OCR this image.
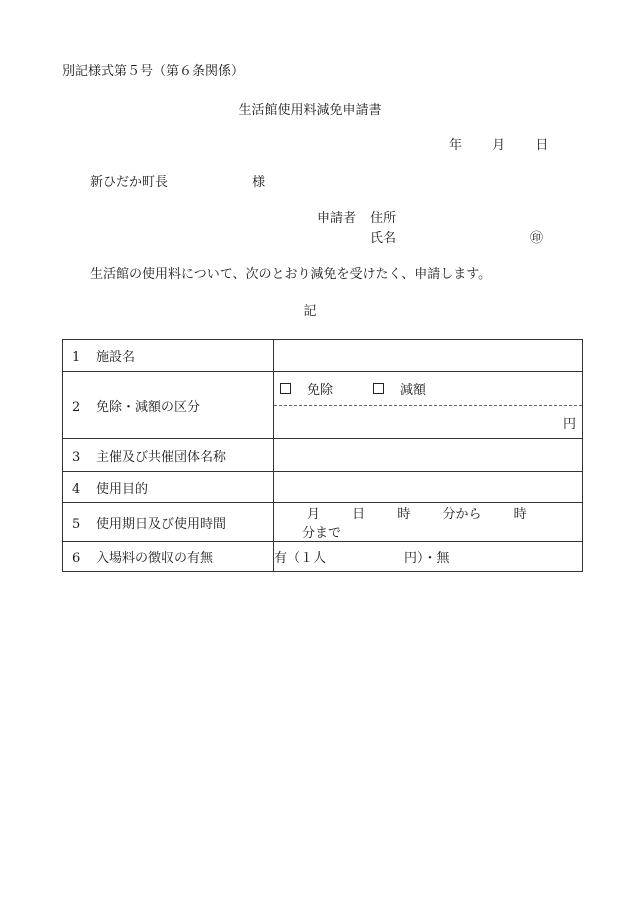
別記様式第５号（第６条関係）
生活館使用料減免申請書
年 月 日
新ひだか町長	様
申請者 住所
氏名	㊞
生活館の使用料について、次のとおり減免を受けたく、申請します。
記
1 施設名	
2 免除・減額の区分	免除 減額
円

3 主催及び共催団体名称	
4 使用目的	
5 使用期日及び使用時間	月 日 時 分から 時 分まで
6 入場料の徴収の有無	有（１人 円）・無
